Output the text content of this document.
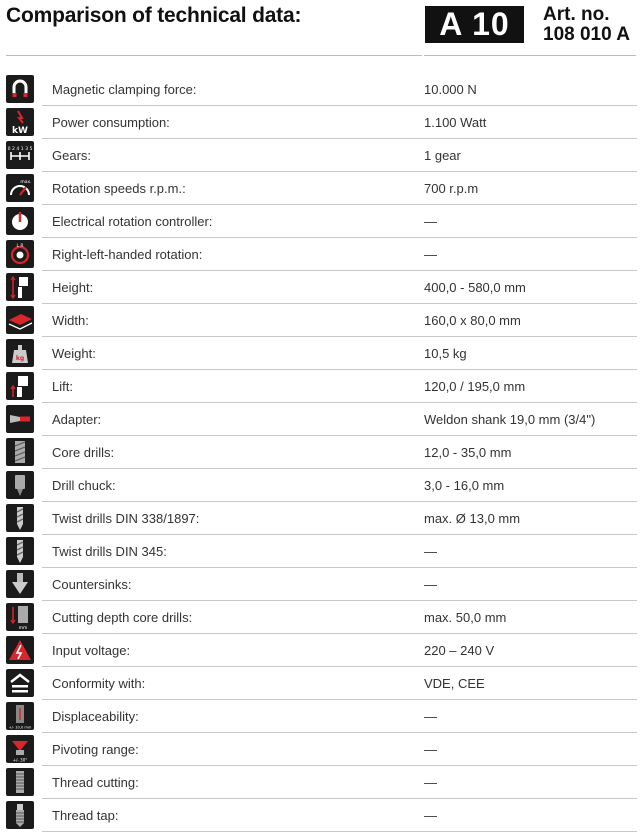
Comparison of technical data:	A 10	Art. no.
108 010 A
Magnetic clamping force:	10.000 N
kW
Power consumption:	1.100 Watt
0 2 4 1 3 5 Gears:	1 gear
max. Rotation speeds r.p.m.:	700 r.p.m
Electrical rotation controller:	—
L R
Right-left-handed rotation:	—
Height:	400,0 - 580,0 mm
Width:	160,0 x 80,0 mm
kg Weight:	10,5 kg
Lift:	120,0 / 195,0 mm
Adapter:	Weldon shank 19,0 mm (3/4")
Core drills:	12,0 - 35,0 mm
Drill chuck:	3,0 - 16,0 mm
Twist drills DIN 338/1897:	max. Ø 13,0 mm
Twist drills DIN 345:	—
Countersinks:	—
mm
Cutting depth core drills:	max. 50,0 mm
Input voltage:	220 – 240 V
Conformity with:	VDE, CEE
+/- 10,0 mm
Displaceability:	—
+/- 30°
Pivoting range:	—
Thread cutting:	—
Thread tap:	—
